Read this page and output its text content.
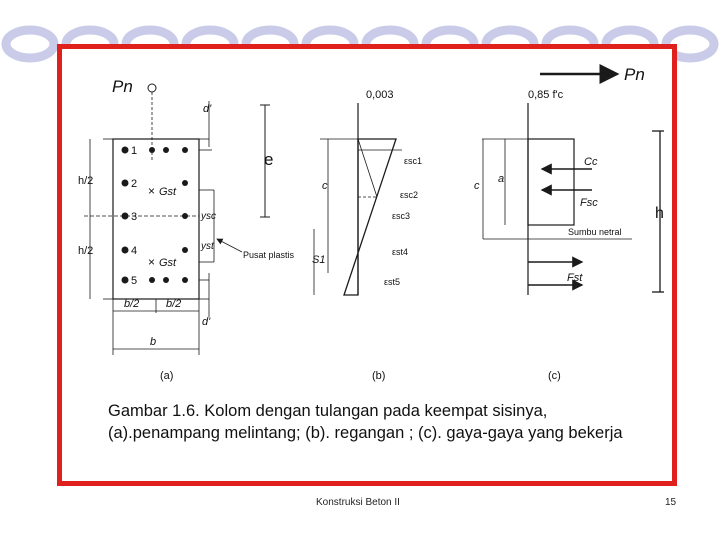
Pn
Pn
e
h
h/2
h/2
1
2
3
4
5
× Gst
× Gst
d'
ysc
yst
Pusat plastis
d'
b/2 b/2
b
(a)
0,003
c
S1
εsc1
εsc2
εsc3
εst4
εst5
(b)
0,85 f'c
c
a
Cc
Fsc
Sumbu netral
Fst
(c)

Gambar 1.6. Kolom dengan tulangan pada keempat sisinya, (a).penampang melintang; (b). regangan ; (c). gaya-gaya yang bekerja

Konstruksi Beton II	15
